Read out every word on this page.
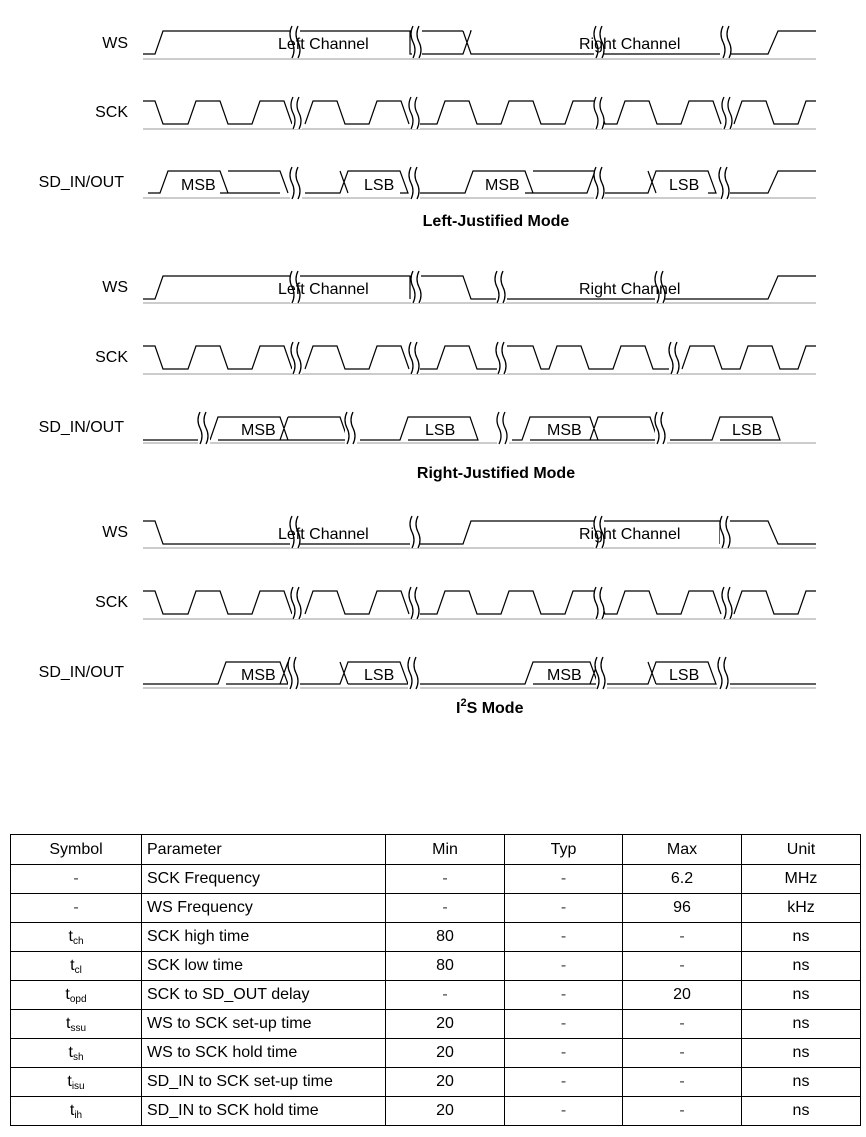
WS
SCK
SD_IN/OUT
Left Channel	Right Channel
MSB	LSB	MSB	LSB
Left-Justified Mode
WS
SCK
SD_IN/OUT
Left Channel	Right Channel
MSB	LSB	MSB	LSB
Right-Justified Mode
WS
SCK
SD_IN/OUT
Left Channel	Right Channel
MSB	LSB	MSB	LSB
$I^2S$ Mode
Symbol	Parameter	Min	Typ	Max	Unit
-	SCK Frequency	-	-	6.2	MHz
-	WS Frequency	-	-	96	kHz
tch	SCK high time	80	-	-	ns
tcl	SCK low time	80	-	-	ns
topd	SCK to SD_OUT delay	-	-	20	ns
tssu	WS to SCK set-up time	20	-	-	ns
tsh	WS to SCK hold time	20	-	-	ns
tisu	SD_IN to SCK set-up time	20	-	-	ns
tih	SD_IN to SCK hold time	20	-	-	ns
